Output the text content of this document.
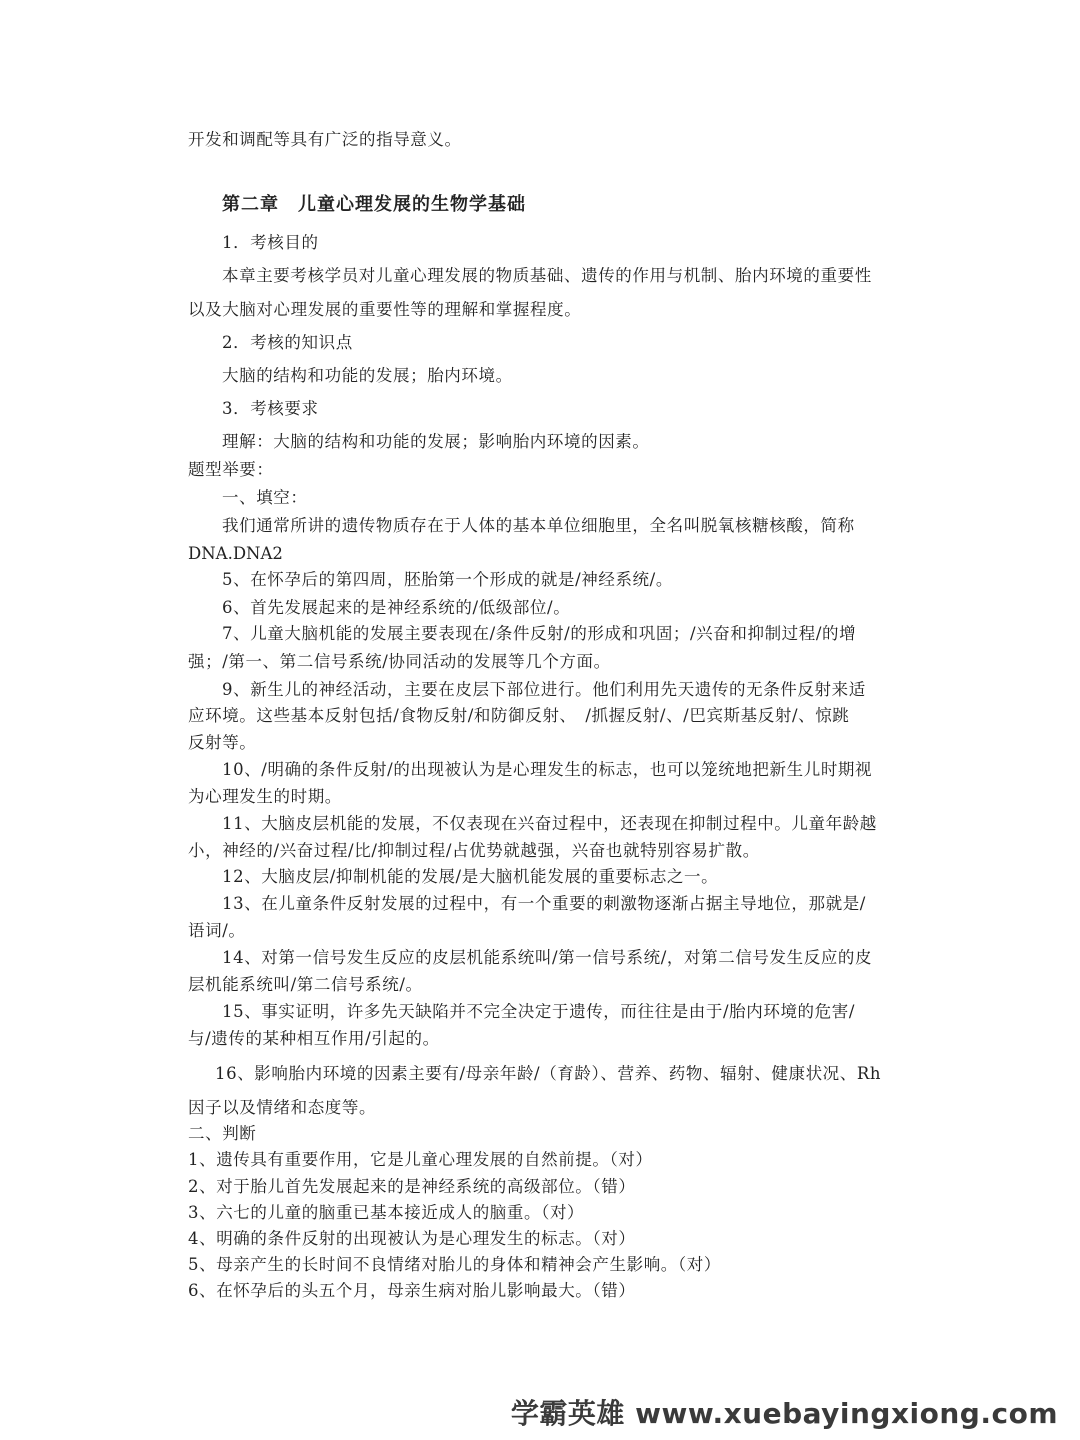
开发和调配等具有广泛的指导意义。
第二章　儿童心理发展的生物学基础
1．考核目的
本章主要考核学员对儿童心理发展的物质基础、遗传的作用与机制、胎内环境的重要性
以及大脑对心理发展的重要性等的理解和掌握程度。
2．考核的知识点
大脑的结构和功能的发展；胎内环境。
3．考核要求
理解：大脑的结构和功能的发展；影响胎内环境的因素。
题型举要：
一、填空：
我们通常所讲的遗传物质存在于人体的基本单位细胞里，全名叫脱氧核糖核酸，简称
DNA.DNA2
5、在怀孕后的第四周，胚胎第一个形成的就是/神经系统/。
6、首先发展起来的是神经系统的/低级部位/。
7、儿童大脑机能的发展主要表现在/条件反射/的形成和巩固；/兴奋和抑制过程/的增
强；/第一、第二信号系统/协同活动的发展等几个方面。
9、新生儿的神经活动，主要在皮层下部位进行。他们利用先天遗传的无条件反射来适
应环境。这些基本反射包括/食物反射/和防御反射、　/抓握反射/、/巴宾斯基反射/、惊跳
反射等。
10、/明确的条件反射/的出现被认为是心理发生的标志，也可以笼统地把新生儿时期视
为心理发生的时期。
11、大脑皮层机能的发展，不仅表现在兴奋过程中，还表现在抑制过程中。儿童年龄越
小，神经的/兴奋过程/比/抑制过程/占优势就越强，兴奋也就特别容易扩散。
12、大脑皮层/抑制机能的发展/是大脑机能发展的重要标志之一。
13、在儿童条件反射发展的过程中，有一个重要的刺激物逐渐占据主导地位，那就是/
语词/。
14、对第一信号发生反应的皮层机能系统叫/第一信号系统/，对第二信号发生反应的皮
层机能系统叫/第二信号系统/。
15、事实证明，许多先天缺陷并不完全决定于遗传，而往往是由于/胎内环境的危害/
与/遗传的某种相互作用/引起的。
16、影响胎内环境的因素主要有/母亲年龄/（育龄）、营养、药物、辐射、健康状况、Rh
因子以及情绪和态度等。
二、判断
1、遗传具有重要作用，它是儿童心理发展的自然前提。（对）
2、对于胎儿首先发展起来的是神经系统的高级部位。（错）
3、六七的儿童的脑重已基本接近成人的脑重。（对）
4、明确的条件反射的出现被认为是心理发生的标志。（对）
5、母亲产生的长时间不良情绪对胎儿的身体和精神会产生影响。（对）
6、在怀孕后的头五个月，母亲生病对胎儿影响最大。（错）
学霸英雄 www.xuebayingxiong.com
